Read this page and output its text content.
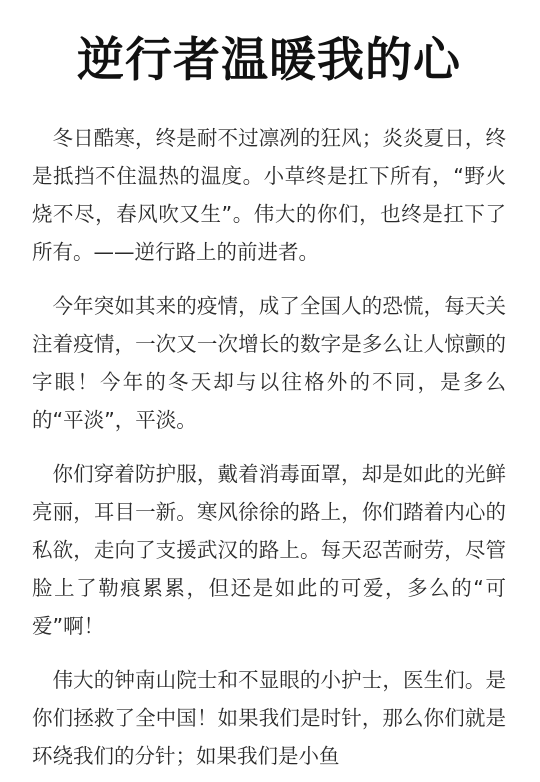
逆行者温暖我的心

冬日酷寒，终是耐不过凛冽的狂风；炎炎夏日，终是抵挡不住温热的温度。小草终是扛下所有，“野火烧不尽，春风吹又生”。伟大的你们，也终是扛下了所有。——逆行路上的前进者。

今年突如其来的疫情，成了全国人的恐慌，每天关注着疫情，一次又一次增长的数字是多么让人惊颤的字眼！今年的冬天却与以往格外的不同，是多么的“平淡”，平淡。

你们穿着防护服，戴着消毒面罩，却是如此的光鲜亮丽，耳目一新。寒风徐徐的路上，你们踏着内心的私欲，走向了支援武汉的路上。每天忍苦耐劳，尽管脸上了勒痕累累，但还是如此的可爱，多么的“可爱”啊！

伟大的钟南山院士和不显眼的小护士，医生们。是你们拯救了全中国！如果我们是时针，那么你们就是环绕我们的分针；如果我们是小鱼
